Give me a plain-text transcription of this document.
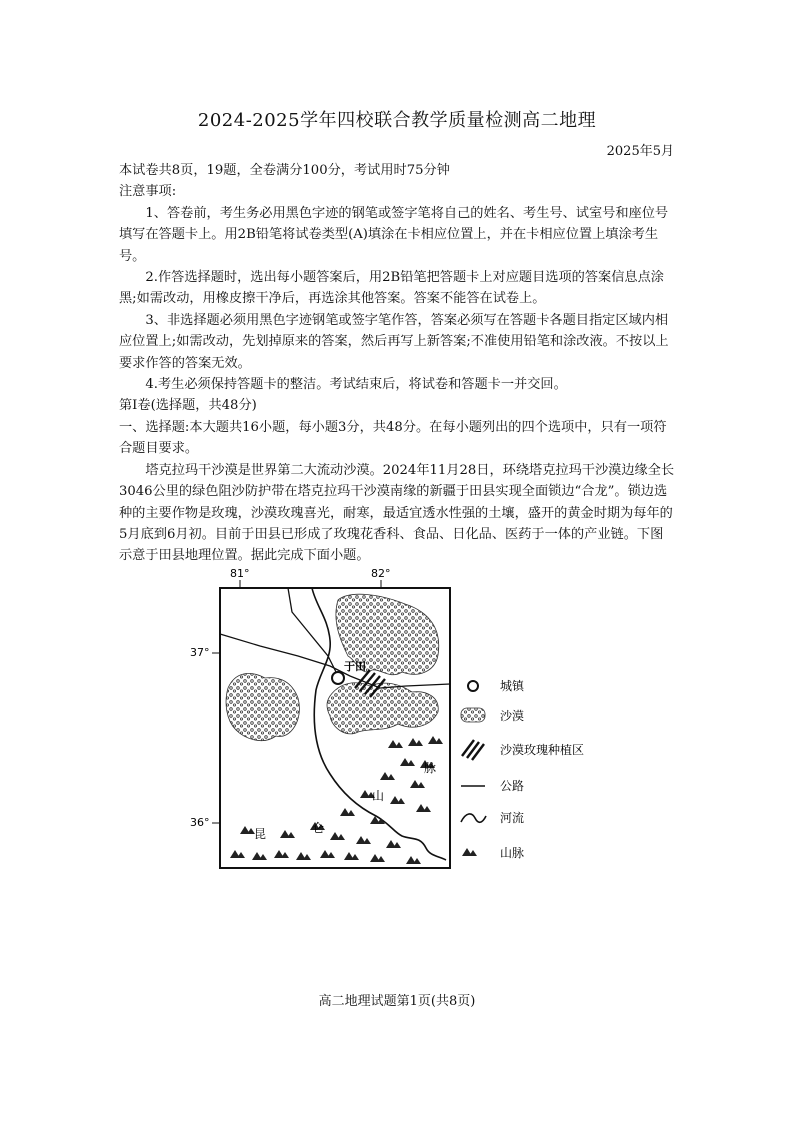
2024-2025学年四校联合教学质量检测高二地理
2025年5月

本试卷共8页，19题，全卷满分100分，考试用时75分钟

注意事项:

1、答卷前，考生务必用黑色字迹的钢笔或签字笔将自己的姓名、考生号、试室号和座位号填写在答题卡上。用2B铅笔将试卷类型(A)填涂在卡相应位置上，并在卡相应位置上填涂考生号。

2.作答选择题时，选出每小题答案后，用2B铅笔把答题卡上对应题目选项的答案信息点涂黑;如需改动，用橡皮擦干净后，再选涂其他答案。答案不能答在试卷上。

3、非选择题必须用黑色字迹钢笔或签字笔作答，答案必须写在答题卡各题目指定区域内相应位置上;如需改动，先划掉原来的答案，然后再写上新答案;不准使用铅笔和涂改液。不按以上要求作答的答案无效。

4.考生必须保持答题卡的整洁。考试结束后，将试卷和答题卡一并交回。

第I卷(选择题，共48分)

一、选择题:本大题共16小题，每小题3分，共48分。在每小题列出的四个选项中，只有一项符合题目要求。

塔克拉玛干沙漠是世界第二大流动沙漠。2024年11月28日，环绕塔克拉玛干沙漠边缘全长3046公里的绿色阻沙防护带在塔克拉玛干沙漠南缘的新疆于田县实现全面锁边“合龙”。锁边选种的主要作物是玫瑰，沙漠玫瑰喜光，耐寒，最适宜透水性强的土壤，盛开的黄金时期为每年的5月底到6月初。目前于田县已形成了玫瑰花香科、食品、日化品、医药于一体的产业链。下图示意于田县地理位置。据此完成下面小题。

81°	82°
37°
36°
于田
脉
山
仑
昆
城镇
沙漠
沙漠玫瑰种植区
公路
河流
山脉
高二地理试题第1页(共8页)
